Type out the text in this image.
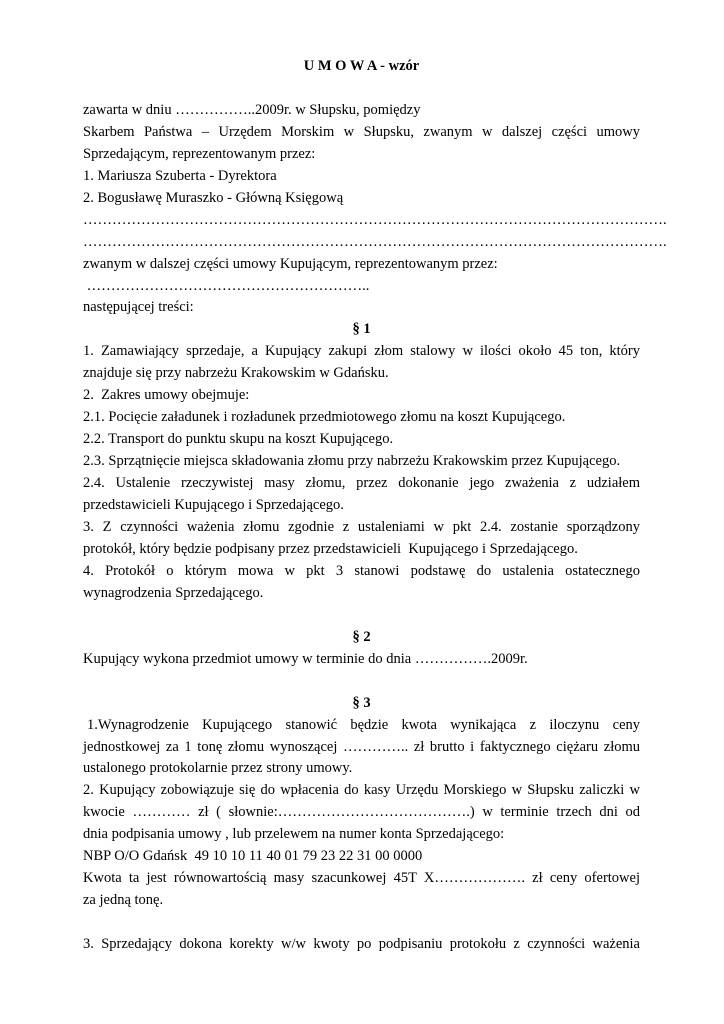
U M O W A - wzór
zawarta w dniu ……………..2009r. w Słupsku, pomiędzy
Skarbem Państwa – Urzędem Morskim w Słupsku, zwanym w dalszej części umowy
Sprzedającym, reprezentowanym przez:
1. Mariusza Szuberta - Dyrektora
2. Bogusławę Muraszko - Główną Księgową
………………………………………………………………………………………………………….
………………………………………………………………………………………………………….
zwanym w dalszej części umowy Kupującym, reprezentowanym przez:
…………………………………………………..
następującej treści:
§ 1
1. Zamawiający sprzedaje, a Kupujący zakupi złom stalowy w ilości około 45 ton, który
znajduje się przy nabrzeżu Krakowskim w Gdańsku.
2.  Zakres umowy obejmuje:
2.1. Pocięcie załadunek i rozładunek przedmiotowego złomu na koszt Kupującego.
2.2. Transport do punktu skupu na koszt Kupującego.
2.3. Sprzątnięcie miejsca składowania złomu przy nabrzeżu Krakowskim przez Kupującego.
2.4. Ustalenie rzeczywistej masy złomu, przez dokonanie jego zważenia z udziałem
przedstawicieli Kupującego i Sprzedającego.
3. Z czynności ważenia złomu zgodnie z ustaleniami w pkt 2.4. zostanie sporządzony
protokół, który będzie podpisany przez przedstawicieli  Kupującego i Sprzedającego.
4. Protokół o którym mowa w pkt 3 stanowi podstawę do ustalenia ostatecznego
wynagrodzenia Sprzedającego.
§ 2
Kupujący wykona przedmiot umowy w terminie do dnia …………….2009r.
§ 3
1.Wynagrodzenie Kupującego stanowić będzie kwota wynikająca z iloczynu ceny
jednostkowej za 1 tonę złomu wynoszącej ………….. zł brutto i faktycznego ciężaru złomu
ustalonego protokolarnie przez strony umowy.
2. Kupujący zobowiązuje się do wpłacenia do kasy Urzędu Morskiego w Słupsku zaliczki w
kwocie ………… zł ( słownie:………………………………….) w terminie trzech dni od
dnia podpisania umowy , lub przelewem na numer konta Sprzedającego:
NBP O/O Gdańsk  49 10 10 11 40 01 79 23 22 31 00 0000
Kwota ta jest równowartością masy szacunkowej 45T X………………. zł ceny ofertowej
za jedną tonę.
3. Sprzedający dokona korekty w/w kwoty po podpisaniu protokołu z czynności ważenia
